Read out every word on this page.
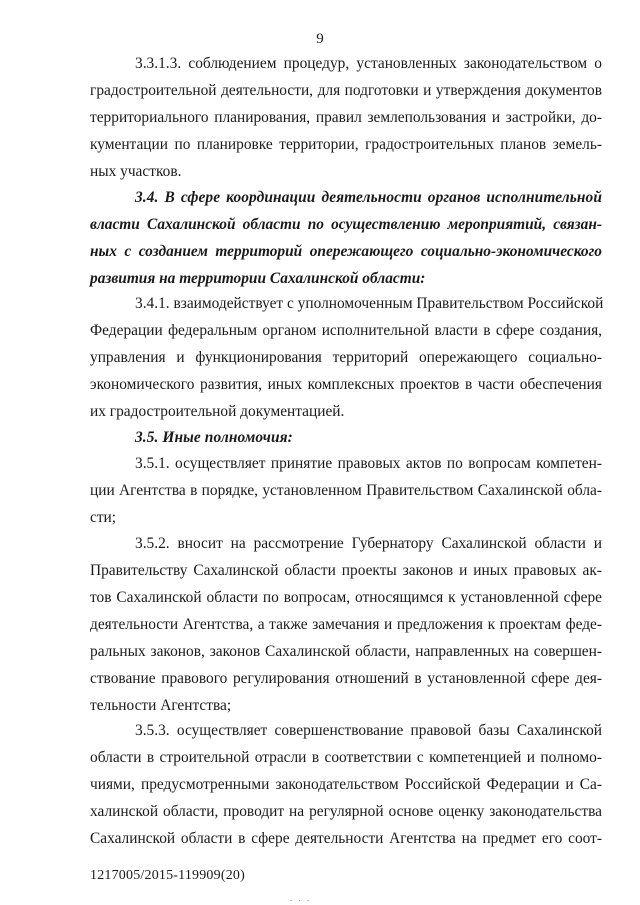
9
3.3.1.3. соблюдением процедур, установленных законодательством о
градостроительной деятельности, для подготовки и утверждения документов
территориального планирования, правил землепользования и застройки, до-
кументации по планировке территории, градостроительных планов земель-
ных участков.
3.4. В сфере координации деятельности органов исполнительной
власти Сахалинской области по осуществлению мероприятий, связан-
ных с созданием территорий опережающего социально-экономического
развития на территории Сахалинской области:
3.4.1. взаимодействует с уполномоченным Правительством Российской
Федерации федеральным органом исполнительной власти в сфере создания,
управления и функционирования территорий опережающего социально-
экономического развития, иных комплексных проектов в части обеспечения
их градостроительной документацией.
3.5. Иные полномочия:
3.5.1. осуществляет принятие правовых актов по вопросам компетен-
ции Агентства в порядке, установленном Правительством Сахалинской обла-
сти;
3.5.2. вносит на рассмотрение Губернатору Сахалинской области и
Правительству Сахалинской области проекты законов и иных правовых ак-
тов Сахалинской области по вопросам, относящимся к установленной сфере
деятельности Агентства, а также замечания и предложения к проектам феде-
ральных законов, законов Сахалинской области, направленных на совершен-
ствование правового регулирования отношений в установленной сфере дея-
тельности Агентства;
3.5.3. осуществляет совершенствование правовой базы Сахалинской
области в строительной отрасли в соответствии с компетенцией и полномо-
чиями, предусмотренными законодательством Российской Федерации и Са-
халинской области, проводит на регулярной основе оценку законодательства
Сахалинской области в сфере деятельности Агентства на предмет его соот-
1217005/2015-119909(20)
. . .
